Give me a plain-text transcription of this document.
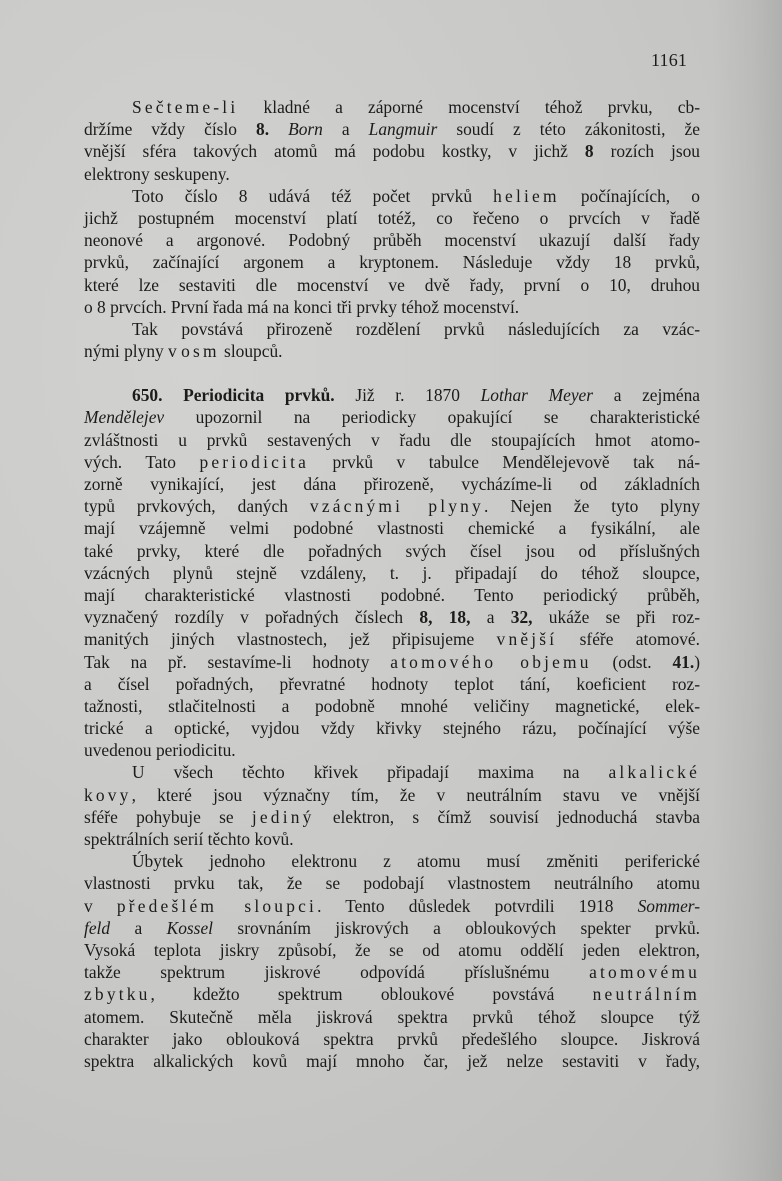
1161
Sečteme-li kladné a záporné mocenství téhož prvku, cb-
držíme vždy číslo 8. Born a Langmuir soudí z této zákonitosti, že
vnější sféra takových atomů má podobu kostky, v jichž 8 rozích jsou
elektrony seskupeny.
Toto číslo 8 udává též počet prvků heliem počínajících, o
jichž postupném mocenství platí totéž, co řečeno o prvcích v řadě
neonové a argonové. Podobný průběh mocenství ukazují další řady
prvků, začínající argonem a kryptonem. Následuje vždy 18 prvků,
které lze sestaviti dle mocenství ve dvě řady, první o 10, druhou
o 8 prvcích. První řada má na konci tři prvky téhož mocenství.
Tak povstává přirozeně rozdělení prvků následujících za vzác-
nými plyny v osm sloupců.
650. Periodicita prvků. Již r. 1870 Lothar Meyer a zejména
Mendělejev upozornil na periodicky opakující se charakteristické
zvláštnosti u prvků sestavených v řadu dle stoupajících hmot atomo-
vých. Tato periodicita prvků v tabulce Mendělejevově tak ná-
zorně vynikající, jest dána přirozeně, vycházíme-li od základních
typů prvkových, daných vzácnými plyny. Nejen že tyto plyny
mají vzájemně velmi podobné vlastnosti chemické a fysikální, ale
také prvky, které dle pořadných svých čísel jsou od příslušných
vzácných plynů stejně vzdáleny, t. j. připadají do téhož sloupce,
mají charakteristické vlastnosti podobné. Tento periodický průběh,
vyznačený rozdíly v pořadných číslech 8, 18, a 32, ukáže se při roz-
manitých jiných vlastnostech, jež připisujeme vnější sféře atomové.
Tak na př. sestavíme-li hodnoty atomového objemu (odst. 41.)
a čísel pořadných, převratné hodnoty teplot tání, koeficient roz-
tažnosti, stlačitelnosti a podobně mnohé veličiny magnetické, elek-
trické a optické, vyjdou vždy křivky stejného rázu, počínající výše
uvedenou periodicitu.
U všech těchto křivek připadají maxima na alkalické
kovy, které jsou význačny tím, že v neutrálním stavu ve vnější
sféře pohybuje se jediný elektron, s čímž souvisí jednoduchá stavba
spektrálních serií těchto kovů.
Úbytek jednoho elektronu z atomu musí změniti periferické
vlastnosti prvku tak, že se podobají vlastnostem neutrálního atomu
v předešlém sloupci. Tento důsledek potvrdili 1918 Sommer-
feld a Kossel srovnáním jiskrových a obloukových spekter prvků.
Vysoká teplota jiskry způsobí, že se od atomu oddělí jeden elektron,
takže spektrum jiskrové odpovídá příslušnému atomovému
zbytku, kdežto spektrum obloukové povstává neutrálním
atomem. Skutečně měla jiskrová spektra prvků téhož sloupce týž
charakter jako oblouková spektra prvků předešlého sloupce. Jiskrová
spektra alkalických kovů mají mnoho čar, jež nelze sestaviti v řady,
